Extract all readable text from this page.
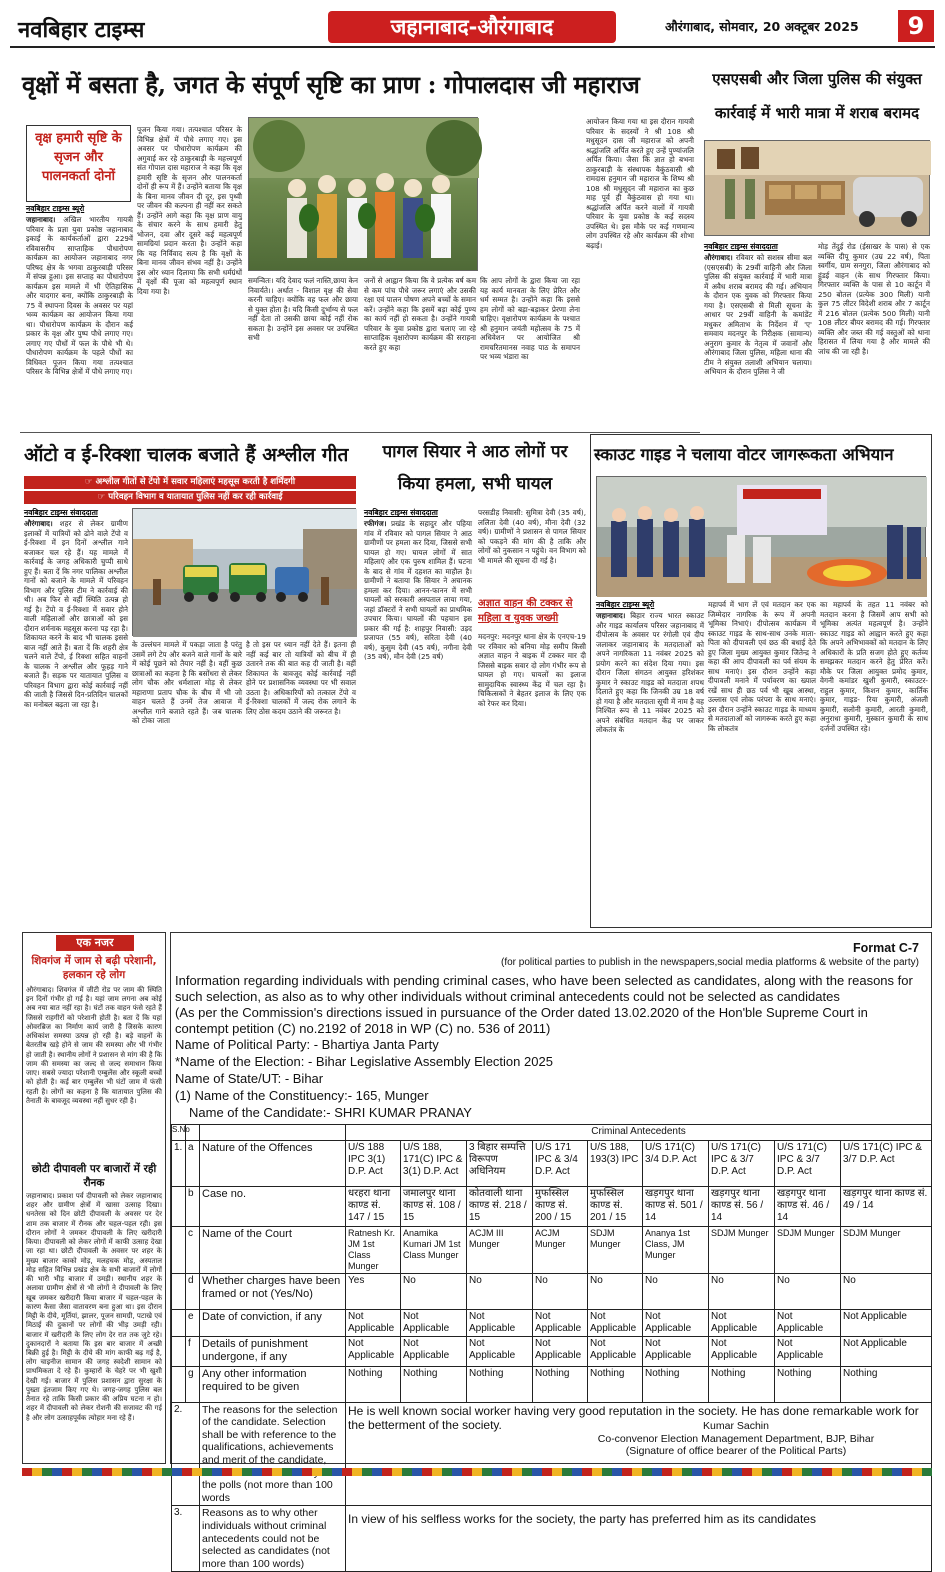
नवबिहार टाइम्स	जहानाबाद-औरंगाबाद	औरंगाबाद, सोमवार, 20 अक्टूबर 2025	9
वृक्षों में बसता है, जगत के संपूर्ण सृष्टि का प्राण : गोपालदास जी महाराज
वृक्ष हमारी सृष्टि के सृजन और पालनकर्ता दोनों
नवबिहार टाइम्स ब्यूरो
जहानाबाद। अखिल भारतीय गायत्री परिवार के प्रज्ञा युवा प्रकोष्ठ जहानाबाद इकाई के कार्यकर्ताओं द्वारा 229वें रविवासरीय साप्ताहिक पौधारोपण कार्यक्रम का आयोजन जहानाबाद नगर परिषद क्षेत्र के भगवा ठाकुरबाड़ी परिसर में संपन्न हुआ। इस सप्ताह का पौधारोपण कार्यक्रम इस मामले में भी ऐतिहासिक और यादगार बना, क्योंकि ठाकुरबाड़ी के 75 वें स्थापना दिवस के अवसर पर यहां भव्य कार्यक्रम का आयोजन किया गया था। पौधारोपण कार्यक्रम के दौरान कई प्रकार के वृक्ष और पुष्प पौधे लगाए गए। लगाए गए पौधों में फल के पौधे भी थे। पौधारोपण कार्यक्रम के पहले पौधों का विधिवत पूजन किया गया तत्पश्चात परिसर के विभिन्न क्षेत्रों में पौधे लगाए गए।
पूजन किया गया। तत्पश्चात परिसर के विभिन्न क्षेत्रों में पौधे लगाए गए। इस अवसर पर पौधारोपण कार्यक्रम की अगुवाई कर रहे ठाकुरबाड़ी के महत्त्वपूर्ण संत गोपाल दास महाराज ने कहा कि वृक्ष हमारी सृष्टि के सृजन और पालनकर्ता दोनों ही रूप में हैं। उन्होंने बताया कि वृक्ष के बिना मानव जीवन दी दूर, इस पृथ्वी पर जीवन की कल्पना ही नहीं कर सकते हैं। उन्होंने आगे कहा कि वृक्ष प्राण वायु के संचार करने के साथ हमारी हेतु भोजन, दवा और दूसरे कई महत्वपूर्ण सामग्रियां प्रदान करता है। उन्होंने कहा कि यह निर्विवाद सत्य है कि वृक्षों के बिना मानव जीवन संभव नहीं है। उन्होंने इस ओर ध्यान दिलाया कि सभी धर्मग्रंथों में वृक्षों की पूजा को महत्वपूर्ण स्थान दिया गया है।
समन्वितः। यदि देवाद फलं नास्ति,छाया केन निवार्यते।। अर्थात - विशाल वृक्ष की सेवा करनी चाहिए। क्योंकि वह फल और छाया से युक्त होता है। यदि किसी दुर्भाग्य से फल नहीं देता तो उसकी छाया कोई नहीं रोक सकता है। उन्होंने इस अवसर पर उपस्थित सभी
जनों से आह्वान किया कि वे प्रत्येक वर्ष कम से कम पांच पौधे जरूर लगाएं और उसकी रक्षा एवं पालन पोषण अपने बच्चों के समान करें। उन्होंने कहा कि इसमें बड़ा कोई पुण्य का कार्य नहीं हो सकता है। उन्होंने गायत्री परिवार के युवा प्रकोष्ठ द्वारा चलाए जा रहे साप्ताहिक वृक्षारोपण कार्यक्रम की सराहना करते हुए कहा
कि आप लोगों के द्वारा किया जा रहा यह कार्य मानवता के लिए प्रेरित और धर्म सम्मत है। उन्होंने कहा कि इससे हम लोगों को बड़ा-बड़ाकर प्रेरणा लेना चाहिए। वृक्षारोपण कार्यक्रम के पश्चात श्री हनुमान जयंती महोत्सव के 75 में अधिवेशन पर आयोजित श्री रामचरितमानस नवाह पाठ के समापन पर भव्य भंडारा का
आयोजन किया गया था इस दौरान गायत्री परिवार के सदस्यों ने श्री 108 श्री मधुसूदन दास जी महाराज को अपनी श्रद्धांजलि अर्पित करते हुए उन्हें पुण्यांजलि अर्पित किया। जैसा कि ज्ञात हो बभना ठाकुरबाड़ी के संस्थापक वैकुंठवासी श्री रामदास हनुमान जी महाराज के शिष्य श्री 108 श्री मधुसूदन जी महाराज का कुछ माह पूर्व ही वैकुंठवास हो गया था। श्रद्धांजलि अर्पित करने वालों में गायत्री परिवार के युवा प्रकोष्ठ के कई सदस्य उपस्थित थे। इस मौके पर कई गणमान्य लोग उपस्थित रहे और कार्यक्रम की शोभा बढ़ाई।
एसएसबी और जिला पुलिस की संयुक्त
कार्रवाई में भारी मात्रा में शराब बरामद
नवबिहार टाइम्स संवाददाता
औरंगाबाद। रविवार को सशस्त्र सीमा बल (एसएसबी) के 29वीं वाहिनी और जिला पुलिस की संयुक्त कार्रवाई में भारी मात्रा में अवैध शराब बरामद की गई। अभियान के दौरान एक युवक को गिरफ्तार किया गया है। एसएसबी से मिली सूचना के आधार पर 29वीं वाहिनी के कमांडेंट मधुकर अमिताभ के निर्देशन में 'ए' समवाय मदनपुर के निरीक्षक (सामान्य) अनुराग कुमार के नेतृत्व में जवानों और औरंगाबाद जिला पुलिस, महिला थाना की टीम ने संयुक्त तलाशी अभियान चलाया। अभियान के दौरान पुलिस ने जी
मोड़ तेंदुई रोड (ईसाखर के पास) से एक व्यक्ति दीपू कुमार (उम्र 22 वर्ष), पिता स्वर्गीय, ग्राम सनगुरा, जिला औरंगाबाद को हुंडई वाहन (के साथ गिरफ्तार किया। गिरफ्तार व्यक्ति के पास से 10 कार्टून में 250 बोतल (प्रत्येक 300 मिली) यानी कुल 75 लीटर विदेशी शराब और 7 कार्टून में 216 बोतल (प्रत्येक 500 मिली) यानी 108 लीटर बीयर बरामद की गई। गिरफ्तार व्यक्ति और जब्त की गई वस्तुओं को थाना हिरासत में लिया गया है और मामले की जांच की जा रही है।
ऑटो व ई-रिक्शा चालक बजाते हैं अश्लील गीत
☞ अश्लील गीतों से टेंपो में सवार महिलाएं महसूस करती है शर्मिंदगी
☞ परिवहन विभाग व यातायात पुलिस नहीं कर रही कार्रवाई
नवबिहार टाइम्स संवाददाता
औरंगाबाद। शहर से लेकर ग्रामीण इलाकों में यात्रियों को ढोने वाले टेंपो व ई-रिक्शा में इन दिनों अश्लील गाने बजाकर चल रहे हैं। यह मामले में कार्रवाई के जगह अधिकारी चुप्पी साधे हुए हैं। बता दें कि नगर पालिका अश्लील गानों को बजाने के मामले में परिवहन विभाग और पुलिस टीम ने कार्रवाई की थी। अब फिर से वहीं स्थिति उत्पन्न हो गई है। टेंपो व ई-रिक्शा में सवार होने वाली महिलाओं और छात्राओं को इस दौरान शर्मनाक महसूस करना पड़ रहा है। शिकायत करने के बाद भी चालक इससे बाज नहीं आते हैं। बता दें कि शहरी क्षेत्र चलने वाले टेंपो, ई रिक्शा सहित वाहनों के चालक ने अश्लील और फूहड़ गाने बजाते हैं। सड़क पर यातायात पुलिस व परिवहन विभाग द्वारा कोई कार्रवाई नहीं की जाती है जिससे दिन-प्रतिदिन चालकों का मनोबल बढ़ता जा रहा है।
के उल्लंघन मामले में पकड़ा जाता है परंतु उसमें लगे टेप और बजने वाले गानों के बारे में कोई पूछने को तैयार नहीं है। वहीं कुछ छात्राओं का कहना है कि बसोंधरा से लेकर लोग चौक और धर्मशाला मोड़ से लेकर महाराणा प्रताप चौक के बीच में भी जो वाहन चलते हैं उनमें तेज आवाज में अश्लील गाने बजाते रहते हैं। जब चालक को टोका जाता
है तो इस पर ध्यान नहीं देते हैं। इतना ही नहीं कई बार तो यात्रियों को बीच में ही उतारने तक की बात कह दी जाती है। वहीं शिकायत के बावजूद कोई कार्रवाई नहीं होने पर प्रशासनिक व्यवस्था पर भी सवाल उठता है। अधिकारियों को तत्काल टेंपो व ई-रिक्शा चालकों में जल्द रोक लगाने के लिए ठोस कदम उठाने की जरूरत है।
पागल सियार ने आठ लोगों पर किया हमला, सभी घायल
नवबिहार टाइम्स संवाददाता
रफीगंज। प्रखंड के सहादुर और पहिया गांव में रविवार को पागल सियार ने आठ ग्रामीणों पर हमला कर दिया, जिससे सभी घायल हो गए। घायल लोगों में सात महिलाएं और एक पुरुष शामिल हैं। घटना के बाद से गांव में दहशत का माहौल है। ग्रामीणों ने बताया कि सियार ने अचानक हमला कर दिया। आनन-फानन में सभी घायलों को सरकारी अस्पताल लाया गया, जहां डॉक्टरों ने सभी घायलों का प्राथमिक उपचार किया। घायलों की पहचान इस प्रकार की गई है: शाहपुर निवासी: उड़द प्रजापत (55 वर्ष), सरिता देवी (40 वर्ष), कुसुम देवी (45 वर्ष), नगीना देवी (35 वर्ष), मौन देवी (25 वर्ष)
परसडीह निवासी: सुमित्रा देवी (35 वर्ष), ललिता देवी (40 वर्ष), मीना देवी (32 वर्ष)। ग्रामीणों ने प्रशासन से पागल सियार को पकड़ने की मांग की है ताकि और लोगों को नुकसान न पहुंचे। वन विभाग को भी मामले की सूचना दी गई है।
अज्ञात वाहन की टक्कर से महिला व युवक जख्मी
मदनपुर: मदनपुर थाना क्षेत्र के एनएच-19 पर रविवार को बनिया मोड़ समीप किसी अज्ञात वाहन ने बाइक में टक्कर मार दी जिससे बाइक सवार दो लोग गंभीर रूप से घायल हो गए। घायलों का इलाज सामुदायिक स्वास्थ्य केंद्र में चल रहा है। चिकित्सकों ने बेहतर इलाज के लिए एक को रेफर कर दिया।
स्काउट गाइड ने चलाया वोटर जागरूकता अभियान
नवबिहार टाइम्स ब्यूरो
जहानाबाद। बिहार राज्य भारत स्काउट और गाइड कार्यालय परिसर जहानाबाद में दीपोत्सव के अवसर पर रंगोली एवं दीप जलाकर जहानाबाद के मतदाताओं को अपने नागरिकता 11 नवंबर 2025 को प्रयोग करने का संदेश दिया गया। इस दौरान जिला संगठन आयुक्त हरिशंकर कुमार ने स्काउट गाइड को मतदाता शपथ दिलाते हुए कहा कि जिनकी उम्र 18 वर्ष हो गया है और मतदाता सूची में नाम है वह निश्चित रूप से 11 नवंबर 2025 को अपने संबंधित मतदान केंद्र पर जाकर लोकतंत्र के
महापर्व में भाग लें एवं मतदान कर एक जिम्मेदार नागरिक के रूप में अपनी भूमिका निभाएं। दीपोत्सव कार्यक्रम में स्काउट गाइड के साथ-साथ उनके माता-पिता को दीपावली एवं छठ की बधाई देते हुए जिला मुख्य आयुक्त कुमार जितेन्द्र ने कहा की आप दीपावली का पर्व संयम के साथ मनाएं। इस दौरान उन्होंने कहा दीपावली मनाने में पर्यावरण का ख्याल रखें साथ ही छठ पर्व भी खूब आस्था, उल्लास एवं लोक परंपरा के साथ मनाएं। इस दौरान उन्होंने स्काउट गाइड के माध्यम से मतदाताओं को जागरूक करते हुए कहा कि लोकतंत्र
का महापर्व के तहत 11 नवंबर को मतदान करना है जिसमें आप सभी को भूमिका अत्यंत महत्वपूर्ण है। उन्होंने स्काउट गाइड को आह्वान करते हुए कहा कि अपने अभिभावकों को मतदान के लिए अधिकारों के प्रति सजग होते हुए कर्तव्य समझकर मतदान करने हेतु प्रेरित करें। मौके पर जिला आयुक्त प्रमोद कुमार, वेगनी कमांडर खुशी कुमारी, स्काउटर- राहुल कुमार, किशन कुमार, कार्तिक कुमार, गाइड- रिया कुमारी, अंजली कुमारी, सलोनी कुमारी, आरती कुमारी, अनुराधा कुमारी, मुस्कान कुमारी के साथ दर्जनों उपस्थित रहे।
एक नजर
शिवगंज में जाम से बढ़ी परेशानी,
हलकान रहे लोग
औरंगाबाद। शिवगंज में जीटी रोड पर जाम की स्थिति इन दिनों गंभीर हो गई है। यहां जाम लगना अब कोई अब नया बात नहीं रहा है। घंटों तक वाहन फंसे रहते हैं जिससे राहगीरों को परेशानी होती है। बता दें कि यहां ओवरब्रिज का निर्माण कार्य जारी है जिसके कारण अधिकांश समस्या उत्पन्न हो रही है। बड़े वाहनों के बेतरतीब खड़े होने से जाम की समस्या और भी गंभीर हो जाती है। स्थानीय लोगों ने प्रशासन से मांग की है कि जाम की समस्या का जल्द से जल्द समाधान किया जाए। सबसे ज्यादा परेशानी एम्बुलेंस और स्कूली बच्चों को होती है। कई बार एम्बुलेंस भी घंटों जाम में फंसी रहती है। लोगों का कहना है कि यातायात पुलिस की तैनाती के बावजूद व्यवस्था नहीं सुधर रही है।
छोटी दीपावली पर बाजारों में रही रौनक
जहानाबाद। प्रकाश पर्व दीपावली को लेकर जहानाबाद शहर और ग्रामीण क्षेत्रों में खासा उत्साह दिखा। धनतेरस को दिन छोटी दीपावली के अवसर पर देर शाम तक बाजार में रौनक और चहल-पहल रही। इस दौरान लोगों ने जमकर दीपावली के लिए खरीदारी किया। दीपावली को लेकर लोगों में काफी उत्साह देखा जा रहा था। छोटी दीपावली के अवसर पर शहर के मुख्य बाजार काको मोड़, मलहचक मोड़, अस्पताल मोड़ सहित विभिन्न प्रखंड क्षेत्र के सभी बाजारों में लोगों की भारी भीड़ बाजार में उमड़ी। स्थानीय शहर के अलावा ग्रामीण क्षेत्रों से भी लोगों ने दीपावली के लिए खूब जमकर खरीदारी किया बाजार में चहल-पहल के कारण कैसा जैसा वातावरण बना हुआ था। इस दौरान मिट्टी के दीये, मूर्तियां, झालर, पूजन सामग्री, पटाखे एवं मिठाई की दुकानों पर लोगों की भीड़ उमड़ी रही। बाजार में खरीदारी के लिए लोग देर रात तक जुटे रहे। दुकानदारों ने बताया कि इस बार बाजार में अच्छी बिक्री हुई है। मिट्टी के दीये की मांग काफी बढ़ गई है, लोग चाइनीज सामान की जगह स्वदेशी सामान को प्राथमिकता दे रहे हैं। कुम्हारों के चेहरे पर भी खुशी देखी गई। बाजार में पुलिस प्रशासन द्वारा सुरक्षा के पुख्ता इंतजाम किए गए थे। जगह-जगह पुलिस बल तैनात रहे ताकि किसी प्रकार की अप्रिय घटना न हो। शहर में दीपावली को लेकर रोशनी की सजावट की गई है और लोग उत्साहपूर्वक त्योहार मना रहे हैं।
Format C-7
(for political parties to publish in the newspapers,social media platforms & website of the party)
Information regarding individuals with pending criminal cases, who have been selected as candidates, along with the reasons for such selection, as also as to why other individuals without criminal antecedents could not be selected as candidates
(As per the Commission's directions issued in pursuance of the Order dated 13.02.2020 of the Hon'ble Supreme Court in contempt petition (C) no.2192 of 2018 in WP (C) no. 536 of 2011)
Name of Political Party: - Bhartiya Janta Party
*Name of the Election: - Bihar Legislative Assembly Election 2025
Name of State/UT: - Bihar
(1) Name of the Constituency:- 165, Munger
Name of the Candidate:- SHRI KUMAR PRANAY
S.No			Criminal Antecedents								
1.	a	Nature of the Offences	U/S 188 IPC 3(1) D.P. Act	U/S 188, 171(C) IPC & 3(1) D.P. Act	3 बिहार सम्पत्ति विरूपण अधिनियम	U/S 171 IPC & 3/4 D.P. Act	U/S 188, 193(3) IPC	U/S 171(C) 3/4 D.P. Act	U/S 171(C) IPC & 3/7 D.P. Act	U/S 171(C) IPC & 3/7 D.P. Act	U/S 171(C) IPC & 3/7 D.P. Act
	b	Case no.	धरहरा थाना काण्ड सं. 147 / 15	जमालपुर थाना काण्ड सं. 108 / 15	कोतवाली थाना काण्ड सं. 218 / 15	मुफस्सिल काण्ड सं. 200 / 15	मुफस्सिल काण्ड सं. 201 / 15	खड़गपुर थाना काण्ड सं. 501 / 14	खड़गपुर थाना काण्ड सं. 56 / 14	खड़गपुर थाना काण्ड सं. 46 / 14	खड़गपुर थाना काण्ड सं. 49 / 14
	c	Name of the Court	Ratnesh Kr. JM 1st Class Munger	Anamika Kumari JM 1st Class Munger	ACJM III Munger	ACJM Munger	SDJM Munger	Ananya 1st Class, JM Munger	SDJM Munger	SDJM Munger	SDJM Munger
	d	Whether charges have been framed or not (Yes/No)	Yes	No	No	No	No	No	No	No	No
	e	Date of conviction, if any	Not Applicable	Not Applicable	Not Applicable	Not Applicable	Not Applicable	Not Applicable	Not Applicable	Not Applicable	Not Applicable
	f	Details of punishment undergone, if any	Not Applicable	Not Applicable	Not Applicable	Not Applicable	Not Applicable	Not Applicable	Not Applicable	Not Applicable	Not Applicable
	g	Any other information required to be given	Nothing	Nothing	Nothing	Nothing	Nothing	Nothing	Nothing	Nothing	Nothing
2.		The reasons for the selection of the candidate. Selection shall be with reference to the qualifications, achievements and merit of the candidate, the polls (not more than 100 words	He is well known social worker having very good reputation in the society. He has done remarkable work for the betterment of the society.								
3.		Reasons as to why other individuals without criminal antecedents could not be selected as candidates (not more than 100 words)	In view of his selfless works for the society, the party has preferred him as its candidates								
Kumar Sachin
Co-convenor Election Management Department, BJP, Bihar
(Signature of office bearer of the Political Parts)
